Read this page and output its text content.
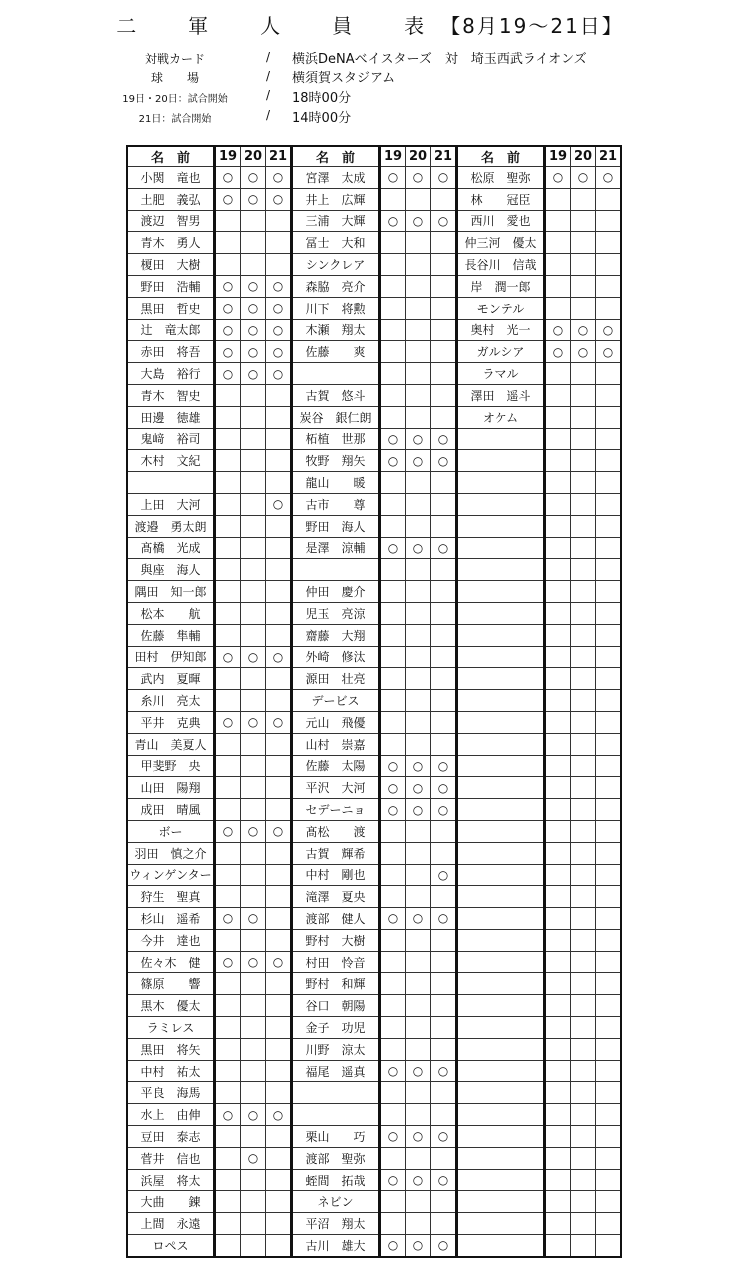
二　軍　人　員　表【8月19～21日】
対戦カード	/ 横浜DeNAベイスターズ　対　埼玉西武ライオンズ
球　　場	/ 横須賀スタジアム
19日・20日：試合開始	/ 18時00分
21日：試合開始	/ 14時00分
名　前	19	20	21	名　前	19	20	21	名　前	19	20	21
小関　竜也	○	○	○	宮澤　太成	○	○	○	松原　聖弥	○	○	○
土肥　義弘	○	○	○	井上　広輝				林　　冠臣			
渡辺　智男				三浦　大輝	○	○	○	西川　愛也			
青木　勇人				冨士　大和				仲三河　優太			
榎田　大樹				シンクレア				長谷川　信哉			
野田　浩輔	○	○	○	森脇　亮介				岸　潤一郎			
黒田　哲史	○	○	○	川下　将勲				モンテル			
辻　竜太郎	○	○	○	木瀬　翔太				奥村　光一	○	○	○
赤田　将吾	○	○	○	佐藤　　爽				ガルシア	○	○	○
大島　裕行	○	○	○					ラマル			
青木　智史				古賀　悠斗				澤田　遥斗			
田邊　徳雄				炭谷　銀仁朗				オケム			
鬼﨑　裕司				柘植　世那	○	○	○				
木村　文紀				牧野　翔矢	○	○	○				
				龍山　　暖							
上田　大河			○	古市　　尊							
渡邉　勇太朗				野田　海人							
髙橋　光成				是澤　涼輔	○	○	○				
與座　海人											
隅田　知一郎				仲田　慶介							
松本　　航				児玉　亮涼							
佐藤　隼輔				齋藤　大翔							
田村　伊知郎	○	○	○	外崎　修汰							
武内　夏暉				源田　壮亮							
糸川　亮太				デービス							
平井　克典	○	○	○	元山　飛優							
青山　美夏人				山村　崇嘉							
甲斐野　央				佐藤　太陽	○	○	○				
山田　陽翔				平沢　大河	○	○	○				
成田　晴風				セデーニョ	○	○	○				
ボー	○	○	○	髙松　　渡							
羽田　慎之介				古賀　輝希							
ウィンゲンター				中村　剛也			○				
狩生　聖真				滝澤　夏央							
杉山　遥希	○	○		渡部　健人	○	○	○				
今井　達也				野村　大樹							
佐々木　健	○	○	○	村田　怜音							
篠原　　響				野村　和輝							
黒木　優太				谷口　朝陽							
ラミレス				金子　功児							
黒田　将矢				川野　涼太							
中村　祐太				福尾　遥真	○	○	○				
平良　海馬											
水上　由伸	○	○	○								
豆田　泰志				栗山　　巧	○	○	○				
菅井　信也		○		渡部　聖弥							
浜屋　将太				蛭間　拓哉	○	○	○				
大曲　　錬				ネビン							
上間　永遠				平沼　翔太							
ロペス				古川　雄大	○	○	○				
